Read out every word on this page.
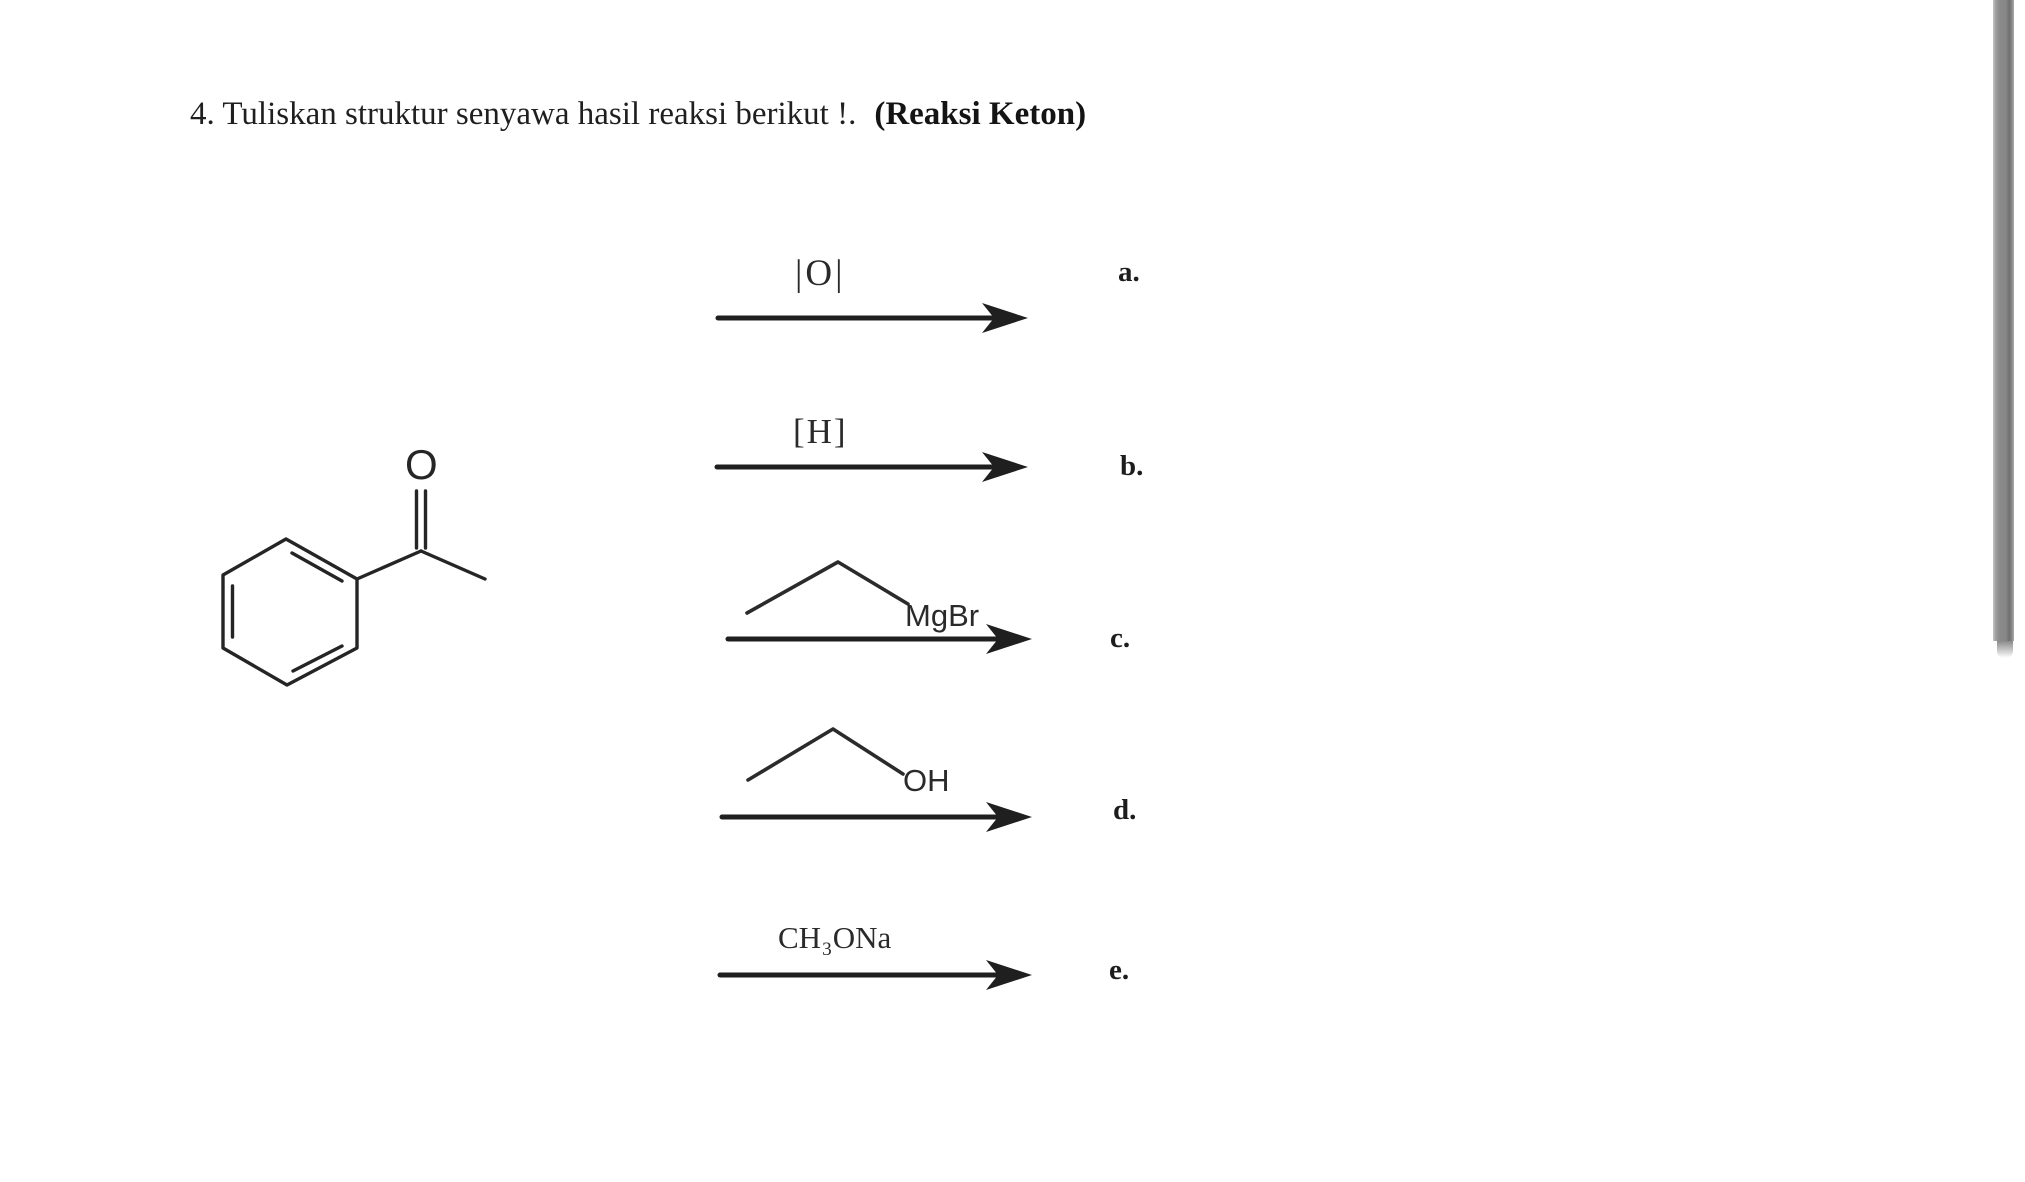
4. Tuliskan struktur senyawa hasil reaksi berikut !. (Reaksi Keton)
O
|O|
[H]
MgBr
OH
$CH_3ONa$
a.
b.
c.
d.
e.
